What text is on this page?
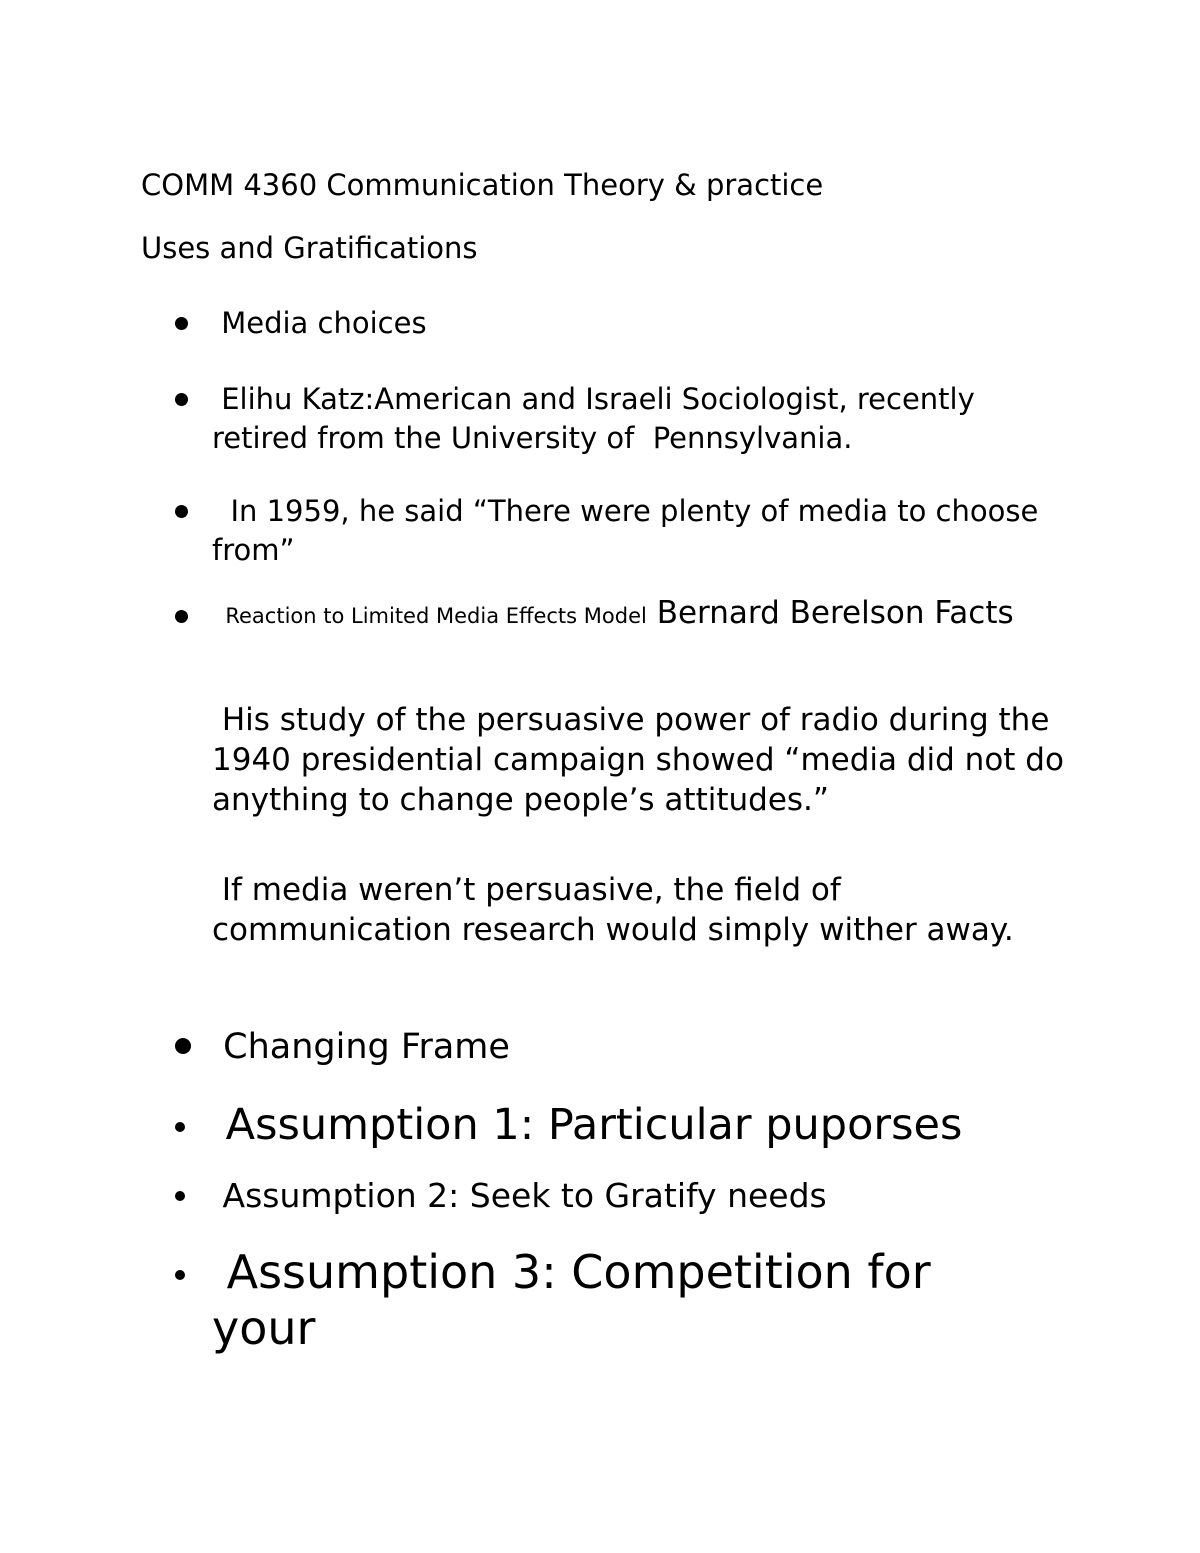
COMM 4360 Communication Theory & practice
Uses and Gratifications
Media choices
Elihu Katz:American and Israeli Sociologist, recently retired from the University of  Pennsylvania.
In 1959, he said “There were plenty of media to choose from”
Reaction to Limited Media Effects Model Bernard Berelson Facts
His study of the persuasive power of radio during the 1940 presidential campaign showed “media did not do anything to change people’s attitudes.”
If media weren’t persuasive, the field of communication research would simply wither away.
Changing Frame
Assumption 1: Particular puporses
Assumption 2: Seek to Gratify needs
Assumption 3: Competition for your
